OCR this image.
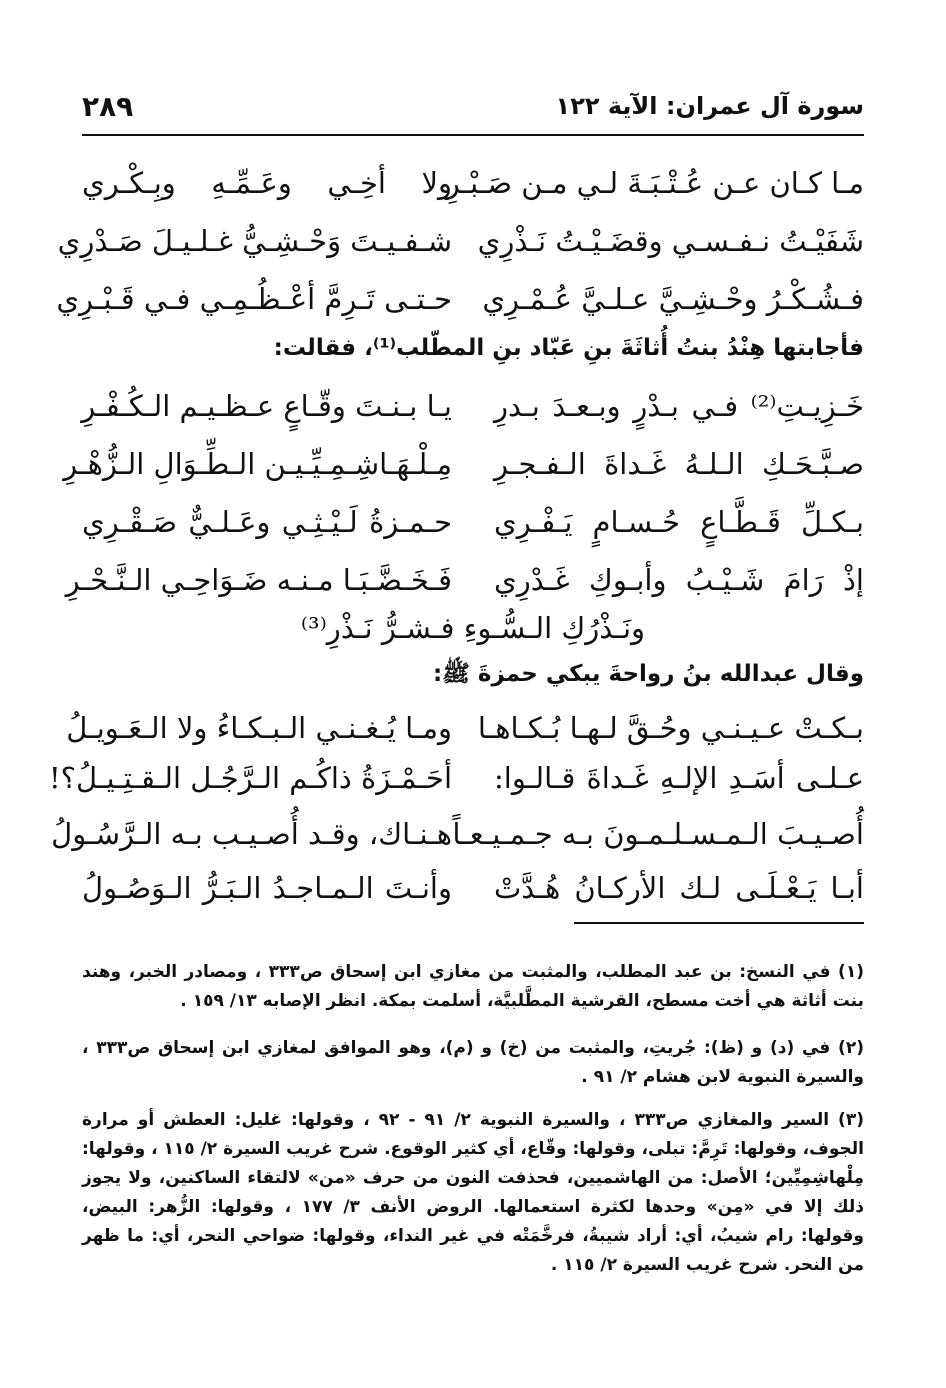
سورة آل عمران: الآية ١٢٢
٢٨٩
مـا كـان عـن عُـتْـبَـةَ لـي مـن صَـبْـرِ
ولا أخِـي وعَـمِّـهِ وبِـكْـري
شَفَيْـتُ نـفـسـي وقضَـيْـتُ نَـذْرِي
شـفـيـتَ وَحْـشِـيُّ غـلـيـلَ صَـدْرِي
فـشُـكْـرُ وحْـشِـيَّ عـلـيَّ عُـمْـرِي
حـتـى تَـرِمَّ أعْـظُـمِـي فـي قَـبْـرِي
فأجابتها هِنْدُ بنتُ أُثاثَةَ بنِ عَبّاد بنِ المطّلب⁽¹⁾، فقالت:
خَـزِيـتِ⁽²⁾ فـي بـدْرٍ وبـعـدَ بـدرِ
يـا بـنـتَ وقّـاعٍ عـظـيـم الـكُـفْـرِ
صـبَّـحَـكِ الـلـهُ غَـداةَ الـفـجـرِ
مِـلْـهَـاشِـمِـيِّـيـن الـطِّـوَالِ الـزُّهْـرِ
بـكـلِّ قَـطَّـاعٍ حُـسـامٍ يَـفْـرِي
حـمـزةُ لَـيْـثِـي وعَـلـيٌّ صَـقْـرِي
إذْ رَامَ شَـيْـبُ وأبـوكِ غَـدْرِي
فَـخَـضَّـبَـا مـنـه ضَـوَاحِـي الـنَّـحْـرِ
ونَـذْرُكِ الـسُّـوءِ فـشـرُّ نَـذْرِ⁽³⁾
وقال عبدالله بنُ رواحةَ يبكي حمزةَ ﷺ:
بـكـتْ عـيـنـي وحُـقَّ لـهـا بُـكـاهـا
ومـا يُـغـنـي الـبـكـاءُ ولا الـعَـويـلُ
عـلـى أسَـدِ الإلـهِ غَـداةَ قـالـوا:
أحَـمْـزَةُ ذاكُـم الـرَّجُـل الـقـتِـيـلُ؟!
أُصـيـبَ الـمـسـلـمـونَ بـه جـمـيـعـاً
هـنـاك، وقـد أُصـيـب بـه الـرَّسُـولُ
أبـا يَـعْـلَـى لـك الأركـانُ هُـدَّتْ
وأنـتَ الـمـاجـدُ الـبَـرُّ الـوَصُـولُ
(١) في النسخ: بن عبد المطلب، والمثبت من مغازي ابن إسحاق ص٣٣٣ ، ومصادر الخبر، وهند بنت أثاثة هي أخت مسطح، القرشية المطَّلبيَّة، أسلمت بمكة. انظر الإصابه ١٣/ ١٥٩ .
(٢) في (د) و (ظ): جُريتِ، والمثبت من (خ) و (م)، وهو الموافق لمغازي ابن إسحاق ص٣٣٣ ، والسيرة النبوية لابن هشام ٢/ ٩١ .
(٣) السير والمغازي ص٣٣٣ ، والسيرة النبوية ٢/ ٩١ - ٩٢ ، وقولها: غليل: العطش أو مرارة الجوف، وقولها: تَرِمَّ: تبلى، وقولها: وقّاع، أي كثير الوقوع. شرح غريب السيرة ٢/ ١١٥ ، وقولها: مِلْهاشِمِيِّين؛ الأصل: من الهاشميين، فحذفت النون من حرف «من» لالتقاء الساكنين، ولا يجوز ذلك إلا في «مِن» وحدها لكثرة استعمالها. الروض الأنف ٣/ ١٧٧ ، وقولها: الزُّهر: البيض، وقولها: رام شيبُ، أي: أراد شيبةُ، فرخَّمَتْه في غير النداء، وقولها: ضواحي النحر، أي: ما ظهر من النحر. شرح غريب السيرة ٢/ ١١٥ .
